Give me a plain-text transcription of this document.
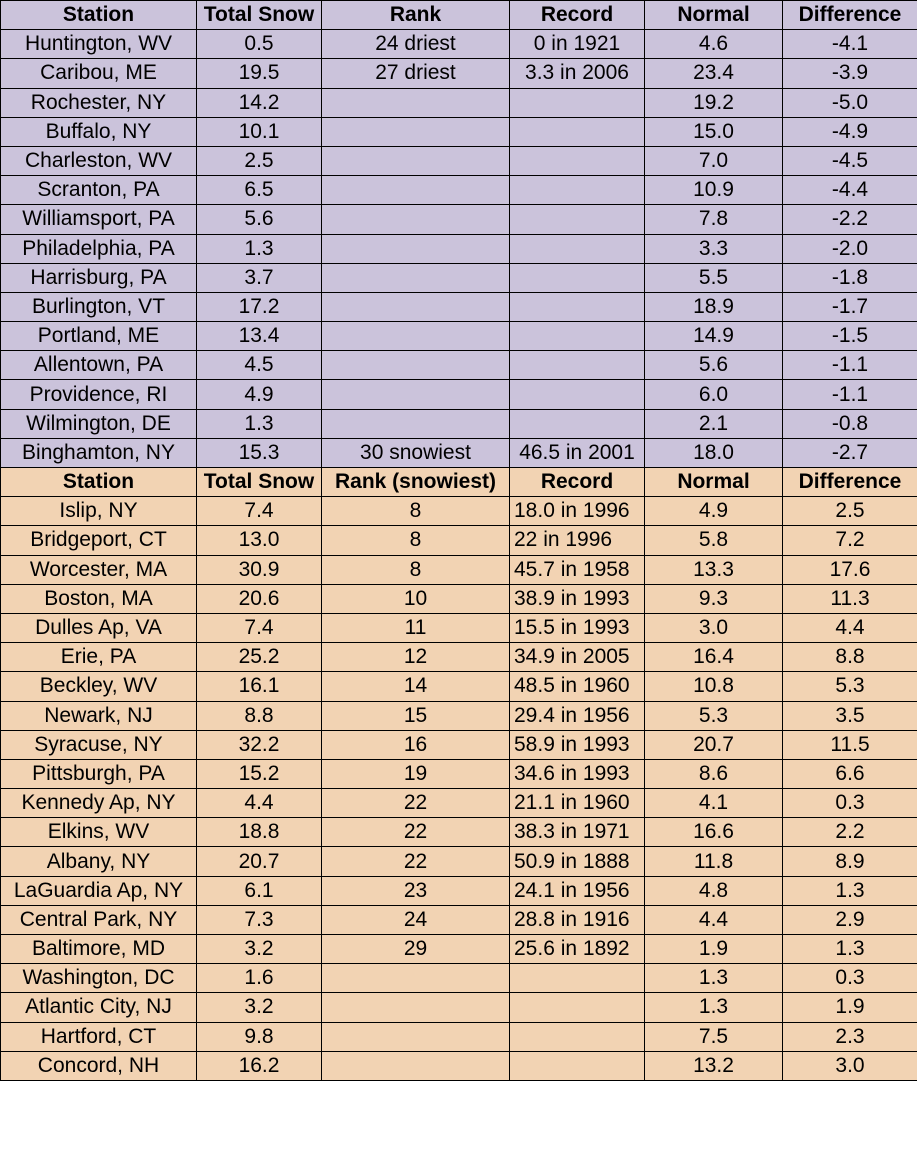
Station	Total Snow	Rank	Record	Normal	Difference
Huntington, WV	0.5	24 driest	0 in 1921	4.6	-4.1
Caribou, ME	19.5	27 driest	3.3 in 2006	23.4	-3.9
Rochester, NY	14.2			19.2	-5.0
Buffalo, NY	10.1			15.0	-4.9
Charleston, WV	2.5			7.0	-4.5
Scranton, PA	6.5			10.9	-4.4
Williamsport, PA	5.6			7.8	-2.2
Philadelphia, PA	1.3			3.3	-2.0
Harrisburg, PA	3.7			5.5	-1.8
Burlington, VT	17.2			18.9	-1.7
Portland, ME	13.4			14.9	-1.5
Allentown, PA	4.5			5.6	-1.1
Providence, RI	4.9			6.0	-1.1
Wilmington, DE	1.3			2.1	-0.8
Binghamton, NY	15.3	30 snowiest	46.5 in 2001	18.0	-2.7
Station	Total Snow	Rank (snowiest)	Record	Normal	Difference
Islip, NY	7.4	8	18.0 in 1996	4.9	2.5
Bridgeport, CT	13.0	8	22 in 1996	5.8	7.2
Worcester, MA	30.9	8	45.7 in 1958	13.3	17.6
Boston, MA	20.6	10	38.9 in 1993	9.3	11.3
Dulles Ap, VA	7.4	11	15.5 in 1993	3.0	4.4
Erie, PA	25.2	12	34.9 in 2005	16.4	8.8
Beckley, WV	16.1	14	48.5 in 1960	10.8	5.3
Newark, NJ	8.8	15	29.4 in 1956	5.3	3.5
Syracuse, NY	32.2	16	58.9 in 1993	20.7	11.5
Pittsburgh, PA	15.2	19	34.6 in 1993	8.6	6.6
Kennedy Ap, NY	4.4	22	21.1 in 1960	4.1	0.3
Elkins, WV	18.8	22	38.3 in 1971	16.6	2.2
Albany, NY	20.7	22	50.9 in 1888	11.8	8.9
LaGuardia Ap, NY	6.1	23	24.1 in 1956	4.8	1.3
Central Park, NY	7.3	24	28.8 in 1916	4.4	2.9
Baltimore, MD	3.2	29	25.6 in 1892	1.9	1.3
Washington, DC	1.6			1.3	0.3
Atlantic City, NJ	3.2			1.3	1.9
Hartford, CT	9.8			7.5	2.3
Concord, NH	16.2			13.2	3.0
